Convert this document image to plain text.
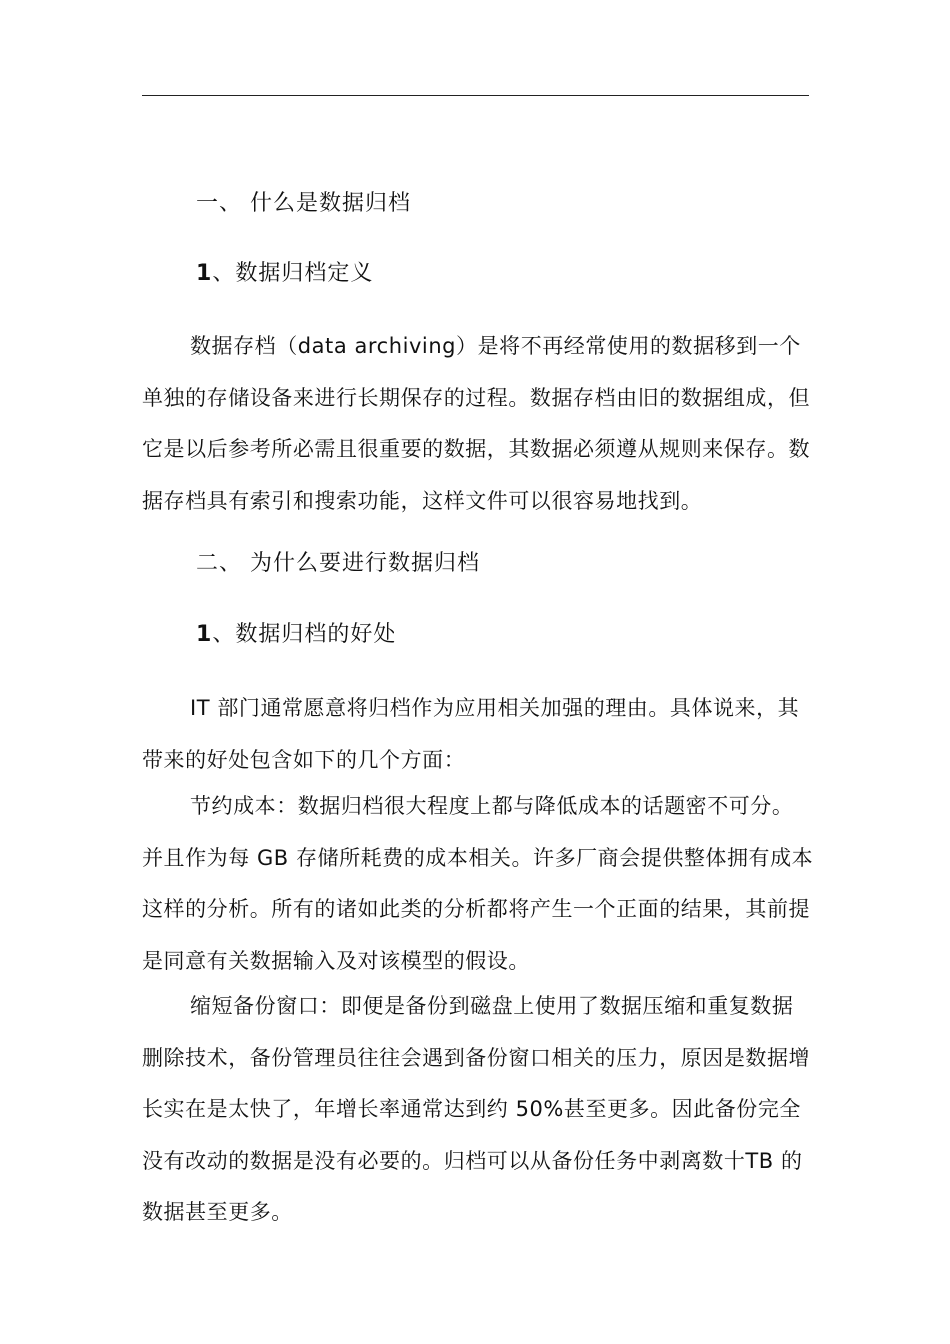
一、 什么是数据归档
1、数据归档定义

数据存档（data archiving）是将不再经常使用的数据移到一个单独的存储设备来进行长期保存的过程。数据存档由旧的数据组成，但它是以后参考所必需且很重要的数据，其数据必须遵从规则来保存。数据存档具有索引和搜索功能，这样文件可以很容易地找到。

二、 为什么要进行数据归档
1、数据归档的好处

IT 部门通常愿意将归档作为应用相关加强的理由。具体说来，其带来的好处包含如下的几个方面：

节约成本：数据归档很大程度上都与降低成本的话题密不可分。并且作为每 GB 存储所耗费的成本相关。许多厂商会提供整体拥有成本这样的分析。所有的诸如此类的分析都将产生一个正面的结果，其前提是同意有关数据输入及对该模型的假设。

缩短备份窗口：即便是备份到磁盘上使用了数据压缩和重复数据删除技术，备份管理员往往会遇到备份窗口相关的压力，原因是数据增长实在是太快了，年增长率通常达到约 50%甚至更多。因此备份完全没有改动的数据是没有必要的。归档可以从备份任务中剥离数十TB 的数据甚至更多。
